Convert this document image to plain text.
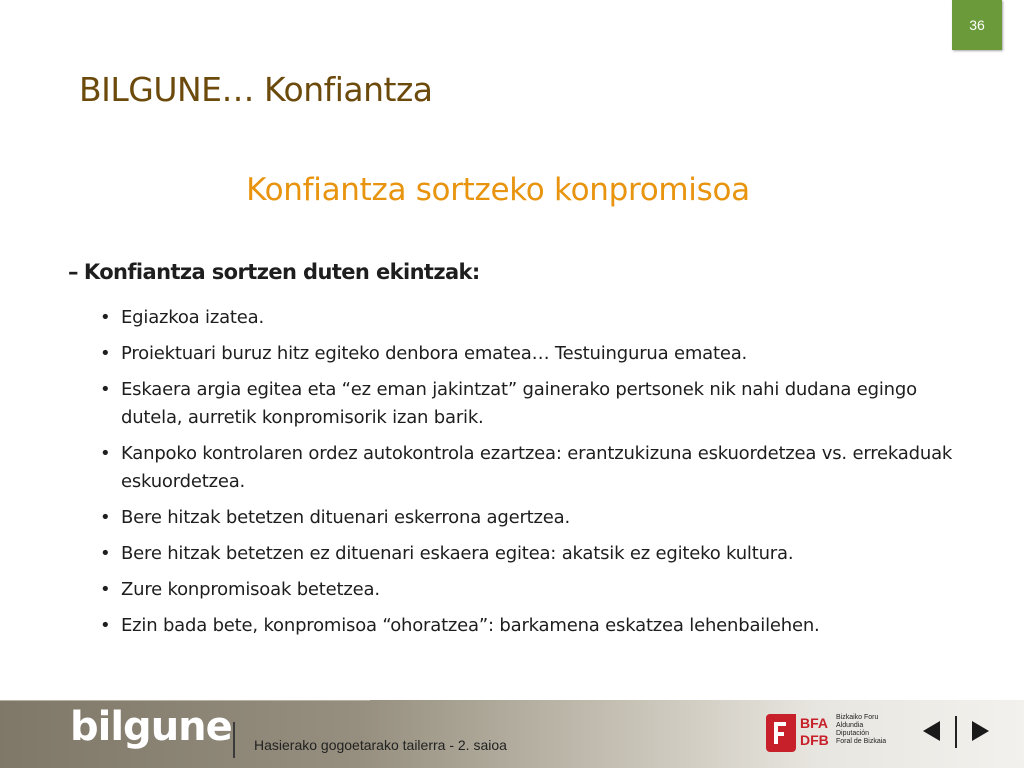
36
BILGUNE… Konfiantza
Konfiantza sortzeko konpromisoa
– Konfiantza sortzen duten ekintzak:
• Egiazkoa izatea.
• Proiektuari buruz hitz egiteko denbora ematea… Testuingurua ematea.
• Eskaera argia egitea eta “ez eman jakintzat” gainerako pertsonek nik nahi dudana egingo dutela, aurretik konpromisorik izan barik.
• Kanpoko kontrolaren ordez autokontrola ezartzea: erantzukizuna eskuordetzea vs. errekaduak eskuordetzea.
• Bere hitzak betetzen dituenari eskerrona agertzea.
• Bere hitzak betetzen ez dituenari eskaera egitea: akatsik ez egiteko kultura.
• Zure konpromisoak betetzea.
• Ezin bada bete, konpromisoa “ohoratzea”: barkamena eskatzea lehenbailehen.
bilgune Hasierako gogoetarako tailerra - 2. saioa
BFA
DFB
Bizkaiko Foru
Aldundia
Diputación
Foral de Bizkaia
